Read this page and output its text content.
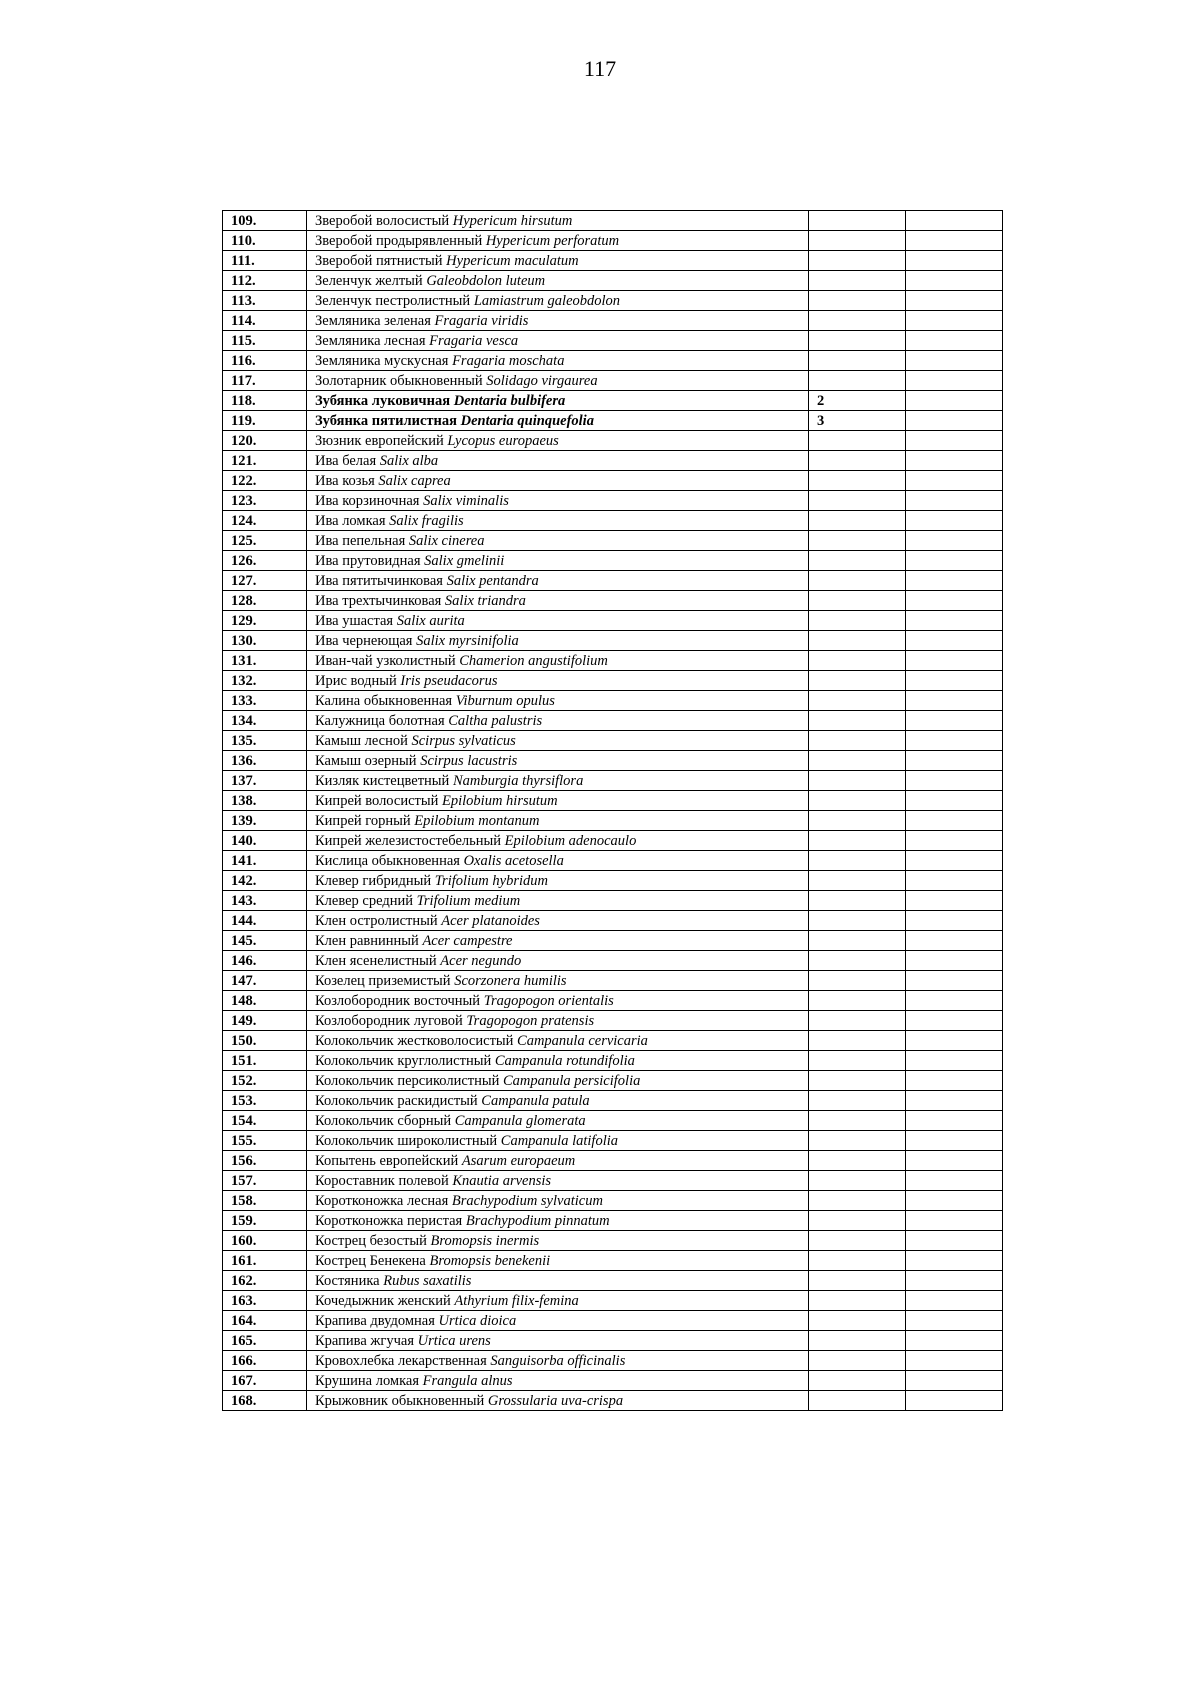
117
109.	Зверобой волосистый Hypericum hirsutum		
110.	Зверобой продырявленный Hypericum perforatum		
111.	Зверобой пятнистый Hypericum maculatum		
112.	Зеленчук желтый Galeobdolon luteum		
113.	Зеленчук пестролистный Lamiastrum galeobdolon		
114.	Земляника зеленая Fragaria viridis		
115.	Земляника лесная Fragaria vesca		
116.	Земляника мускусная Fragaria moschata		
117.	Золотарник обыкновенный Solidago virgaurea		
118.	Зубянка луковичная Dentaria bulbifera	2	
119.	Зубянка пятилистная Dentaria quinquefolia	3	
120.	Зюзник европейский Lycopus europaeus		
121.	Ива белая Salix alba		
122.	Ива козья Salix caprea		
123.	Ива корзиночная Salix viminalis		
124.	Ива ломкая Salix fragilis		
125.	Ива пепельная Salix cinerea		
126.	Ива прутовидная Salix gmelinii		
127.	Ива пятитычинковая Salix pentandra		
128.	Ива трехтычинковая Salix triandra		
129.	Ива ушастая Salix aurita		
130.	Ива чернеющая Salix myrsinifolia		
131.	Иван-чай узколистный Chamerion angustifolium		
132.	Ирис водный Iris pseudacorus		
133.	Калина обыкновенная Viburnum opulus		
134.	Калужница болотная Caltha palustris		
135.	Камыш лесной Scirpus sylvaticus		
136.	Камыш озерный Scirpus lacustris		
137.	Кизляк кистецветный Namburgia thyrsiflora		
138.	Кипрей волосистый Epilobium hirsutum		
139.	Кипрей горный Epilobium montanum		
140.	Кипрей железистостебельный Epilobium adenocaulo		
141.	Кислица обыкновенная Oxalis acetosella		
142.	Клевер гибридный Trifolium hybridum		
143.	Клевер средний Trifolium medium		
144.	Клен остролистный Acer platanoides		
145.	Клен равнинный Acer campestre		
146.	Клен ясенелистный Acer negundo		
147.	Козелец приземистый Scorzonera humilis		
148.	Козлобородник восточный Tragopogon orientalis		
149.	Козлобородник луговой Tragopogon pratensis		
150.	Колокольчик жестковолосистый Campanula cervicaria		
151.	Колокольчик круглолистный Campanula rotundifolia		
152.	Колокольчик персиколистный Campanula persicifolia		
153.	Колокольчик раскидистый Campanula patula		
154.	Колокольчик сборный Campanula glomerata		
155.	Колокольчик широколистный Campanula latifolia		
156.	Копытень европейский Asarum europaeum		
157.	Короставник полевой Knautia arvensis		
158.	Коротконожка лесная Brachypodium sylvaticum		
159.	Коротконожка перистая Brachypodium pinnatum		
160.	Кострец безостый Bromopsis inermis		
161.	Кострец Бенекена Bromopsis benekenii		
162.	Костяника Rubus saxatilis		
163.	Кочедыжник женский Athyrium filix-femina		
164.	Крапива двудомная Urtica dioica		
165.	Крапива жгучая Urtica urens		
166.	Кровохлебка лекарственная Sanguisorba officinalis		
167.	Крушина ломкая Frangula alnus		
168.	Крыжовник обыкновенный Grossularia uva-crispa		
